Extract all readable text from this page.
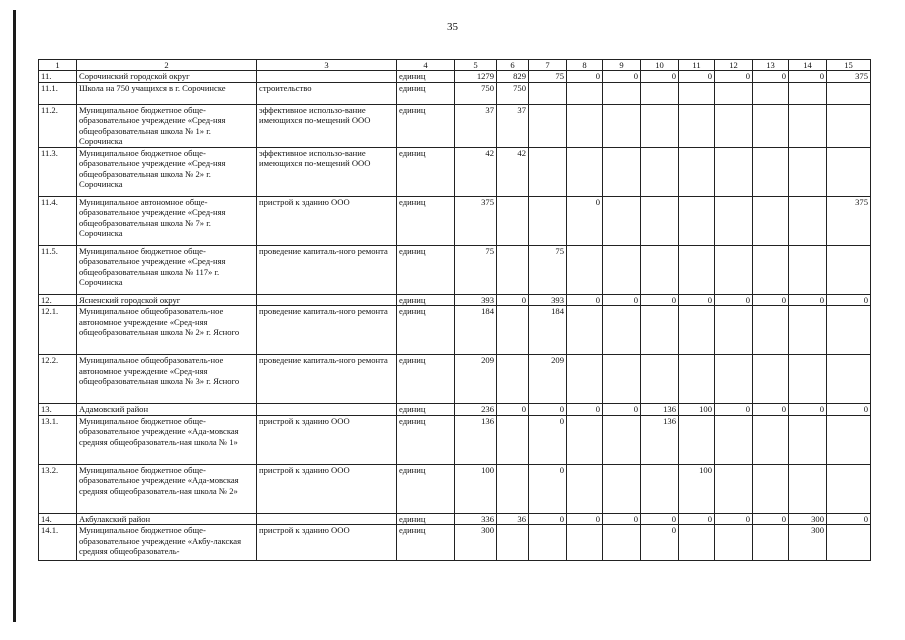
35
1	2	3	4	5	6	7	8	9	10	11	12	13	14	15
11.	Сорочинский городской округ		единиц	1279	829	75	0	0	0	0	0	0	0	375
11.1.	Школа на 750 учащихся в г. Сорочинске	строительство	единиц	750	750									
11.2.	Муниципальное бюджетное обще-образовательное учреждение «Сред-няя общеобразовательная школа № 1» г. Сорочинска	эффективное использо-вание имеющихся по-мещений ООО	единиц	37	37									
11.3.	Муниципальное бюджетное обще-образовательное учреждение «Сред-няя общеобразовательная школа № 2» г. Сорочинска	эффективное использо-вание имеющихся по-мещений ООО	единиц	42	42									
11.4.	Муниципальное автономное обще-образовательное учреждение «Сред-няя общеобразовательная школа № 7» г. Сорочинска	пристрой к зданию ООО	единиц	375			0							375
11.5.	Муниципальное бюджетное обще-образовательное учреждение «Сред-няя общеобразовательная школа № 117» г. Сорочинска	проведение капиталь-ного ремонта	единиц	75		75								
12.	Ясненский городской округ		единиц	393	0	393	0	0	0	0	0	0	0	0
12.1.	Муниципальное общеобразователь-ное автономное учреждение «Сред-няя общеобразовательная школа № 2» г. Ясного	проведение капиталь-ного ремонта	единиц	184		184								
12.2.	Муниципальное общеобразователь-ное автономное учреждение «Сред-няя общеобразовательная школа № 3» г. Ясного	проведение капиталь-ного ремонта	единиц	209		209								
13.	Адамовский район		единиц	236	0	0	0	0	136	100	0	0	0	0
13.1.	Муниципальное бюджетное обще-образовательное учреждение «Ада-мовская средняя общеобразователь-ная школа № 1»	пристрой к зданию ООО	единиц	136		0			136					
13.2.	Муниципальное бюджетное обще-образовательное учреждение «Ада-мовская средняя общеобразователь-ная школа № 2»	пристрой к зданию ООО	единиц	100		0				100				
14.	Акбулакский район		единиц	336	36	0	0	0	0	0	0	0	300	0
14.1.	Муниципальное бюджетное обще-образовательное учреждение «Акбу-лакская средняя общеобразователь-	пристрой к зданию ООО	единиц	300					0				300	
